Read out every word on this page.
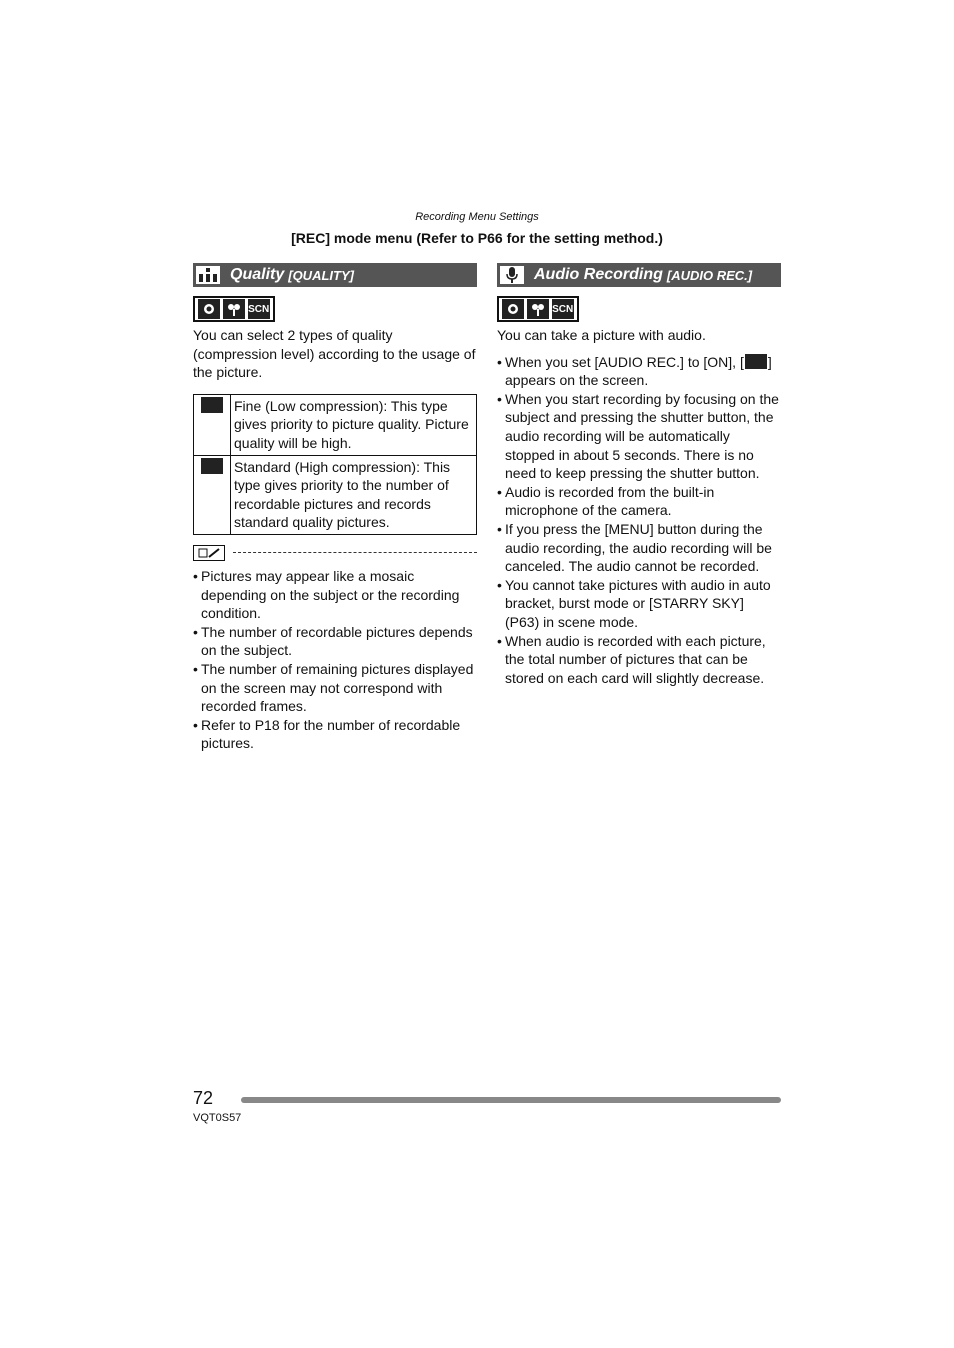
Recording Menu Settings
[REC] mode menu (Refer to P66 for the setting method.)
Quality [QUALITY]
SCN
You can select 2 types of quality (compression level) according to the usage of the picture.
	Fine (Low compression): This type gives priority to picture quality. Picture quality will be high.
	Standard (High compression): This type gives priority to the number of recordable pictures and records standard quality pictures.
• Pictures may appear like a mosaic depending on the subject or the recording condition.
• The number of recordable pictures depends on the subject.
• The number of remaining pictures displayed on the screen may not correspond with recorded frames.
• Refer to P18 for the number of recordable pictures.
Audio Recording [AUDIO REC.]
SCN
You can take a picture with audio.
• When you set [AUDIO REC.] to [ON], [ ] appears on the screen.
• When you start recording by focusing on the subject and pressing the shutter button, the audio recording will be automatically stopped in about 5 seconds. There is no need to keep pressing the shutter button.
• Audio is recorded from the built-in microphone of the camera.
• If you press the [MENU] button during the audio recording, the audio recording will be canceled. The audio cannot be recorded.
• You cannot take pictures with audio in auto bracket, burst mode or [STARRY SKY] (P63) in scene mode.
• When audio is recorded with each picture, the total number of pictures that can be stored on each card will slightly decrease.
72
VQT0S57
